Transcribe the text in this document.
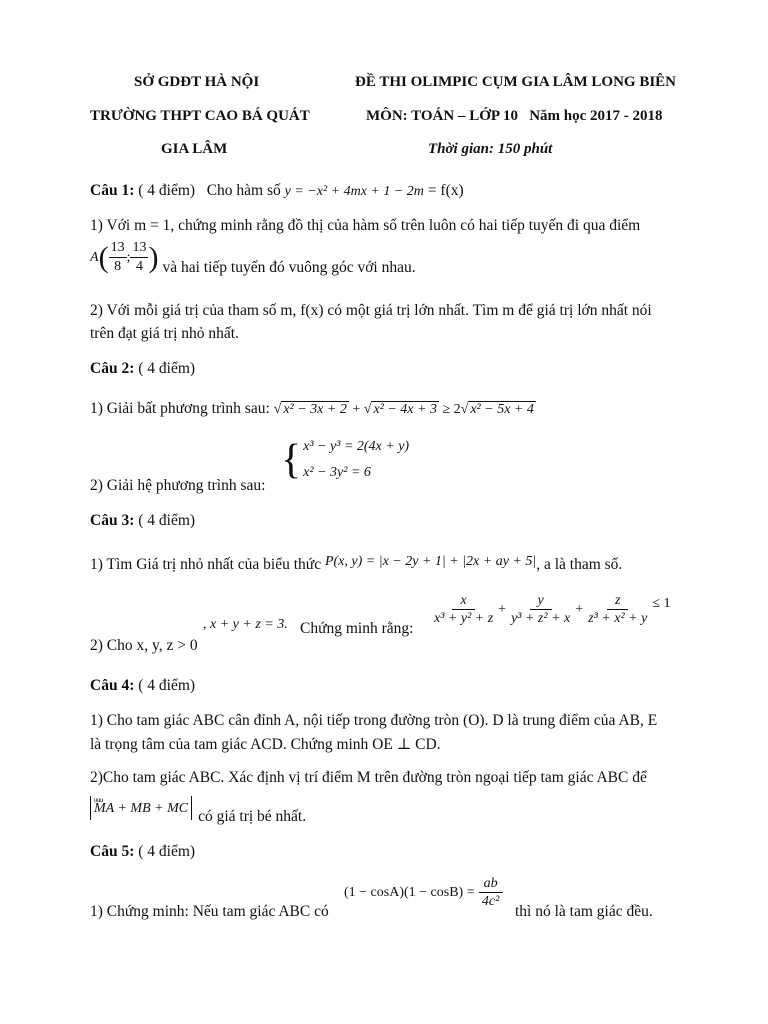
SỞ GDĐT HÀ NỘI	ĐỀ THI OLIMPIC CỤM GIA LÂM LONG BIÊN
TRƯỜNG THPT CAO BÁ QUÁT	MÔN: TOÁN – LỚP 10 Năm học 2017 - 2018
GIA LÂM	Thời gian: 150 phút
Câu 1: ( 4 điểm) Cho hàm số y = −x² + 4mx + 1 − 2m = f(x)
1) Với m = 1, chứng minh rằng đồ thị của hàm số trên luôn có hai tiếp tuyến đi qua điểm
A ( $\frac{13}{8}$ ; $\frac{13}{4}$ ) và hai tiếp tuyến đó vuông góc với nhau.
2) Với mỗi giá trị của tham số m, f(x) có một giá trị lớn nhất. Tìm m để giá trị lớn nhất nói
trên đạt giá trị nhỏ nhất.
Câu 2: ( 4 điểm)
1) Giải bất phương trình sau: √ x² − 3x + 2 + √ x² − 4x + 3 ≥ 2√ x² − 5x + 4
{ x³ − y³ = 2(4x + y)
x² − 3y² = 6
2) Giải hệ phương trình sau:
Câu 3: ( 4 điểm)
1) Tìm Giá trị nhỏ nhất của biểu thức P(x, y) = |x − 2y + 1| + |2x + ay + 5|, a là tham số.
, x + y + z = 3. Chứng minh rằng:
$\frac{x}{\text{x³ + y² + z}} + \frac{y}{\text{y³ + z² + x}} + \frac{z}{\text{z³ + x² + y}} \le 1$
2) Cho x, y, z > 0
Câu 4: ( 4 điểm)
1) Cho tam giác ABC cân đỉnh A, nội tiếp trong đường tròn (O). D là trung điểm của AB, E
là trọng tâm của tam giác ACD. Chứng minh OE ⊥ CD.
2)Cho tam giác ABC. Xác định vị trí điểm M trên đường tròn ngoại tiếp tam giác ABC để
uuu MA + MB + MC có giá trị bé nhất.
Câu 5: ( 4 điểm)
$(1 - \cos A)(1 - \cos B) = \frac{ab}{\text{4c²}}$
1) Chứng minh: Nếu tam giác ABC có	thì nó là tam giác đều.
